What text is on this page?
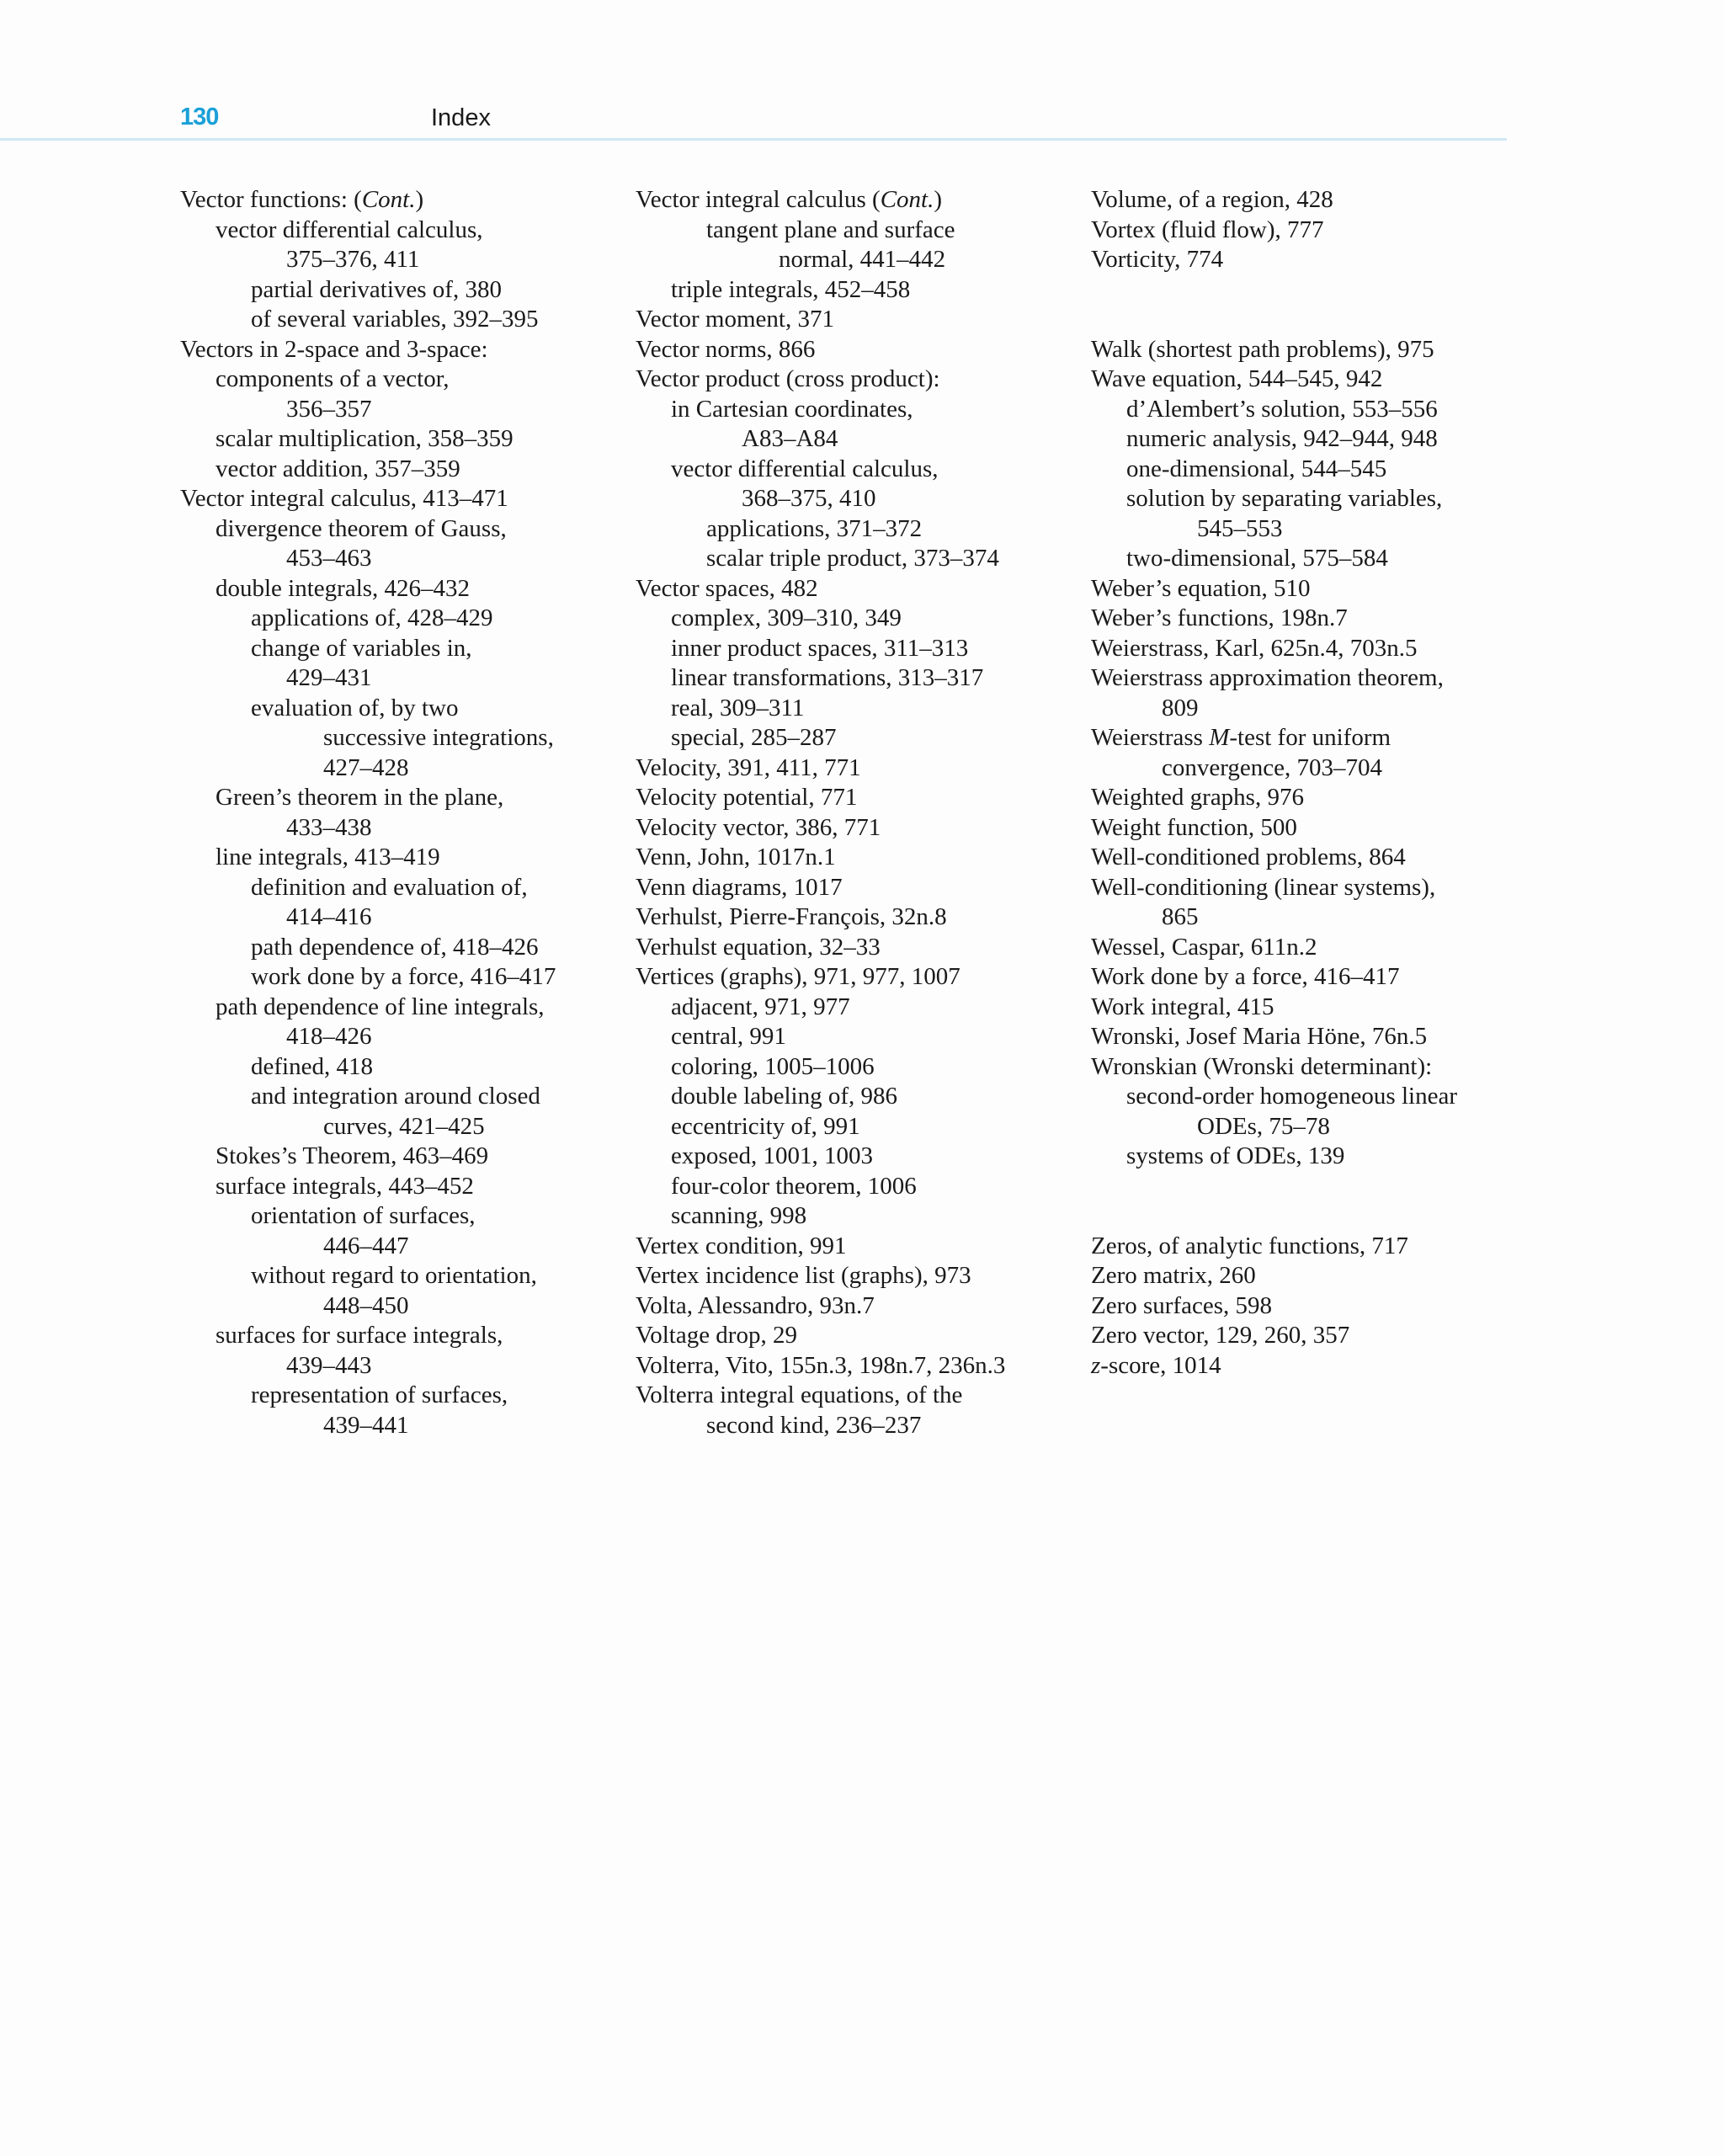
130	Index
Vector functions: (Cont.)
vector differential calculus,
375–376, 411
partial derivatives of, 380
of several variables, 392–395
Vectors in 2-space and 3-space:
components of a vector,
356–357
scalar multiplication, 358–359
vector addition, 357–359
Vector integral calculus, 413–471
divergence theorem of Gauss,
453–463
double integrals, 426–432
applications of, 428–429
change of variables in,
429–431
evaluation of, by two
successive integrations,
427–428
Green’s theorem in the plane,
433–438
line integrals, 413–419
definition and evaluation of,
414–416
path dependence of, 418–426
work done by a force, 416–417
path dependence of line integrals,
418–426
defined, 418
and integration around closed
curves, 421–425
Stokes’s Theorem, 463–469
surface integrals, 443–452
orientation of surfaces,
446–447
without regard to orientation,
448–450
surfaces for surface integrals,
439–443
representation of surfaces,
439–441
Vector integral calculus (Cont.)
tangent plane and surface
normal, 441–442
triple integrals, 452–458
Vector moment, 371
Vector norms, 866
Vector product (cross product):
in Cartesian coordinates,
A83–A84
vector differential calculus,
368–375, 410
applications, 371–372
scalar triple product, 373–374
Vector spaces, 482
complex, 309–310, 349
inner product spaces, 311–313
linear transformations, 313–317
real, 309–311
special, 285–287
Velocity, 391, 411, 771
Velocity potential, 771
Velocity vector, 386, 771
Venn, John, 1017n.1
Venn diagrams, 1017
Verhulst, Pierre-François, 32n.8
Verhulst equation, 32–33
Vertices (graphs), 971, 977, 1007
adjacent, 971, 977
central, 991
coloring, 1005–1006
double labeling of, 986
eccentricity of, 991
exposed, 1001, 1003
four-color theorem, 1006
scanning, 998
Vertex condition, 991
Vertex incidence list (graphs), 973
Volta, Alessandro, 93n.7
Voltage drop, 29
Volterra, Vito, 155n.3, 198n.7, 236n.3
Volterra integral equations, of the
second kind, 236–237
Volume, of a region, 428
Vortex (fluid flow), 777
Vorticity, 774
Walk (shortest path problems), 975
Wave equation, 544–545, 942
d’Alembert’s solution, 553–556
numeric analysis, 942–944, 948
one-dimensional, 544–545
solution by separating variables,
545–553
two-dimensional, 575–584
Weber’s equation, 510
Weber’s functions, 198n.7
Weierstrass, Karl, 625n.4, 703n.5
Weierstrass approximation theorem,
809
Weierstrass M-test for uniform
convergence, 703–704
Weighted graphs, 976
Weight function, 500
Well-conditioned problems, 864
Well-conditioning (linear systems),
865
Wessel, Caspar, 611n.2
Work done by a force, 416–417
Work integral, 415
Wronski, Josef Maria Höne, 76n.5
Wronskian (Wronski determinant):
second-order homogeneous linear
ODEs, 75–78
systems of ODEs, 139
Zeros, of analytic functions, 717
Zero matrix, 260
Zero surfaces, 598
Zero vector, 129, 260, 357
z-score, 1014
